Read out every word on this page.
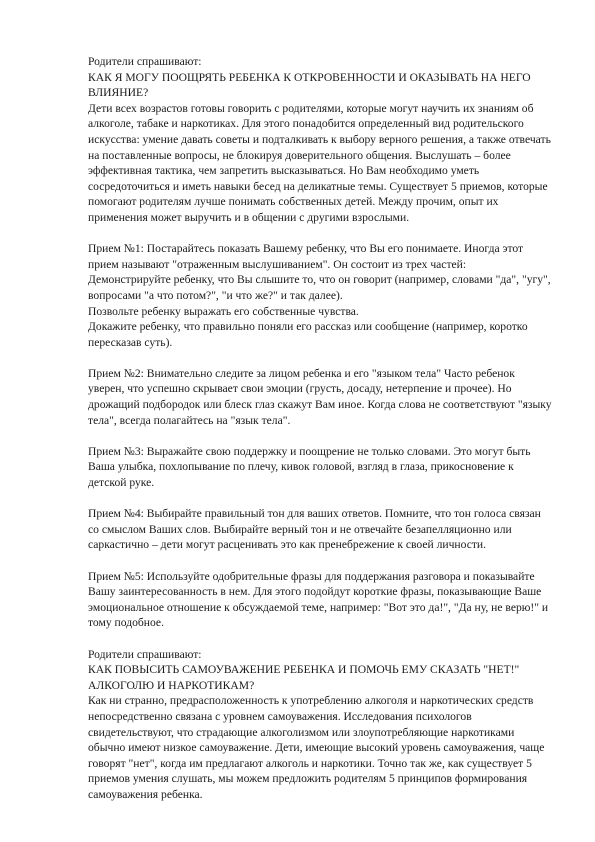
Родители спрашивают:

КАК Я МОГУ ПООЩРЯТЬ РЕБЕНКА К ОТКРОВЕННОСТИ И ОКАЗЫВАТЬ НА НЕГО ВЛИЯНИЕ?

Дети всех возрастов готовы говорить с родителями, которые могут научить их знаниям об алкоголе, табаке и наркотиках. Для этого понадобится определенный вид родительского искусства: умение давать советы и подталкивать к выбору верного решения, а также отвечать на поставленные вопросы, не блокируя доверительного общения. Выслушать – более эффективная тактика, чем запретить высказываться. Но Вам необходимо уметь сосредоточиться и иметь навыки бесед на деликатные темы. Существует 5 приемов, которые помогают родителям лучше понимать собственных детей. Между прочим, опыт их применения может выручить и в общении с другими взрослыми.

Прием №1: Постарайтесь показать Вашему ребенку, что Вы его понимаете. Иногда этот прием называют "отраженным выслушиванием". Он состоит из трех частей:

Демонстрируйте ребенку, что Вы слышите то, что он говорит (например, словами "да", "угу", вопросами "а что потом?", "и что же?" и так далее).

Позвольте ребенку выражать его собственные чувства.

Докажите ребенку, что правильно поняли его рассказ или сообщение (например, коротко пересказав суть).

Прием №2: Внимательно следите за лицом ребенка и его "языком тела" Часто ребенок уверен, что успешно скрывает свои эмоции (грусть, досаду, нетерпение и прочее). Но дрожащий подбородок или блеск глаз скажут Вам иное. Когда слова не соответствуют "языку тела", всегда полагайтесь на "язык тела".

Прием №3: Выражайте свою поддержку и поощрение не только словами. Это могут быть Ваша улыбка, похлопывание по плечу, кивок головой, взгляд в глаза, прикосновение к детской руке.

Прием №4: Выбирайте правильный тон для ваших ответов. Помните, что тон голоса связан со смыслом Ваших слов. Выбирайте верный тон и не отвечайте безапелляционно или саркастично – дети могут расценивать это как пренебрежение к своей личности.

Прием №5: Используйте одобрительные фразы для поддержания разговора и показывайте Вашу заинтересованность в нем. Для этого подойдут короткие фразы, показывающие Ваше эмоциональное отношение к обсуждаемой теме, например: "Вот это да!", "Да ну, не верю!" и тому подобное.

Родители спрашивают:

КАК ПОВЫСИТЬ САМОУВАЖЕНИЕ РЕБЕНКА И ПОМОЧЬ ЕМУ СКАЗАТЬ "НЕТ!" АЛКОГОЛЮ И НАРКОТИКАМ?

Как ни странно, предрасположенность к употреблению алкоголя и наркотических средств непосредственно связана с уровнем самоуважения. Исследования психологов свидетельствуют, что страдающие алкоголизмом или злоупотребляющие наркотиками обычно имеют низкое самоуважение. Дети, имеющие высокий уровень самоуважения, чаще говорят "нет", когда им предлагают алкоголь и наркотики. Точно так же, как существует 5 приемов умения слушать, мы можем предложить родителям 5 принципов формирования самоуважения ребенка.
